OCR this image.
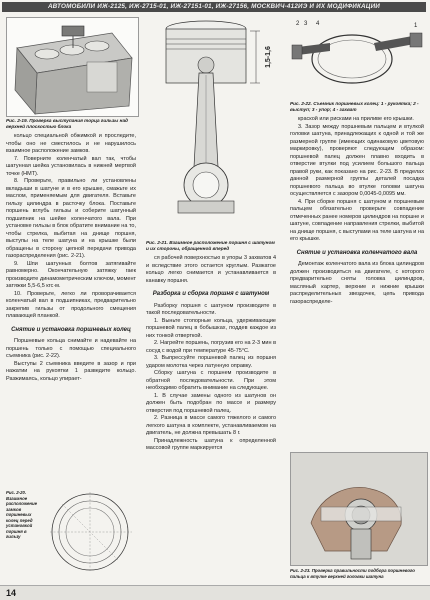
АВТОМОБИЛИ ИЖ-2125, ИЖ-2715-01, ИЖ-27151-01, ИЖ-27156, МОСКВИЧ-412ИЭ И ИХ МОДИФИКАЦИИ
Рис. 2-19. Проверка выступания торца гильзы над верхней плоскостью блока

кольцо специальной обжимкой и проследите, чтобы оно не сместилось и не нарушилось взаимное расположение замков.

7. Поверните коленчатый вал так, чтобы шатунная шейка установилась в нижней мертвой точке (НМТ).

8. Проверьте, правильно ли установлены вкладыши в шатуне и в его крышке, смажьте их маслом, применяемым для двигателя. Вставьте гильзу цилиндра в расточку блока. Поставьте поршень вглубь гильзы и соберите шатунный подшипник на шейке коленчатого вала. При установке гильзы в блок обратите внимание на то, чтобы стрелка, выбитая на днище поршня, выступы на теле шатуна и на крышке были обращены в сторону цепной передачи привода газораспределения (рис. 2-21).

9. Шпи шатунных болтов затягивайте равномерно. Окончательную затяжку гаек производите динамометрическим ключом, момент затяжки 5,5-6,5 кгс·м.

10. Проверьте, легко ли проворачивается коленчатый вал в подшипниках, предварительно закрепив гильзы от продольного смещения плавающей планкой.

Снятие и установка поршневых колец

Поршневые кольца снимайте и надевайте на поршень только с помощью специального съемника (рис. 2-22).

Выступы 2 съемника введите в зазор и при нажатии на рукоятки 1 разведите кольцо. Разжимаясь, кольцо упирает-

Рис. 2-20. Взаимное расположение замков поршневых колец перед установкой поршня в гильзу
1,5-1,6
Рис. 2-21. Взаимное расположение поршня с шатуном и их стороны, обращенной вперед

ся рабочей поверхностью в упоры 3 захватов 4 и вследствие этого остается круглым. Разжатое кольцо легко снимается и устанавливается в канавку поршня.

Разборка и сборка поршня с шатуном

Разборку поршня с шатуном производите в такой последовательности.

1. Выньте стопорные кольца, удерживающие поршневой палец в бобышках, поддев каждое из них тонкой отверткой.

2. Нагрейте поршень, погрузив его на 2-3 мин в сосуд с водой при температуре 45-75°С.

3. Выпрессуйте поршневой палец из поршня ударом молотка через латунную оправку.

Сборку шатуна с поршнем производите в обратной последовательности. При этом необходимо обратить внимание на следующее.

1. В случае замены одного из шатунов он должен быть подобран по массе и размеру отверстия под поршневой палец.

2. Разница в массе самого тяжелого и самого легкого шатуна в комплекте, устанавливаемом на двигатель, не должна превышать 8 г.

Принадлежность шатуна к определенной массовой группе маркируется

2 3 4	1
Рис. 2-22. Съемник поршневых колец: 1 - рукоятка; 2 - выступ; 3 - упор; 4 - захват

краской или рисками на приливе его крышки.

3. Зазор между поршневым пальцем и втулкой головки шатуна, принадлежащих к одной и той же размерной группе (имеющих одинаковую цветовую маркировку), проверяют следующим образом: поршневой палец должен плавно входить в отверстие втулки под усилием большого пальца правой руки, как показано на рис. 2-23. В пределах данной размерной группы деталей посадка поршневого пальца во втулке головки шатуна осуществляется с зазором 0,0045-0,0095 мм.

4. При сборке поршня с шатуном и поршневым пальцем обязательно проверьте совпадение отмеченных ранее номеров цилиндров на поршне и шатуне, совпадение направления стрелки, выбитой на днище поршня, с выступами на теле шатуна и на его крышке.

Снятие и установка коленчатого вала

Демонтаж коленчатого вала из блока цилиндров должен производиться на двигателе, с которого предварительно сняты головка цилиндров, масляный картер, верхние и нижние крышки распределительных звездочек, цепь привода газораспределе-

Рис. 2-23. Проверка правильности подбора поршневого пальца к втулке верхней головки шатуна
14
